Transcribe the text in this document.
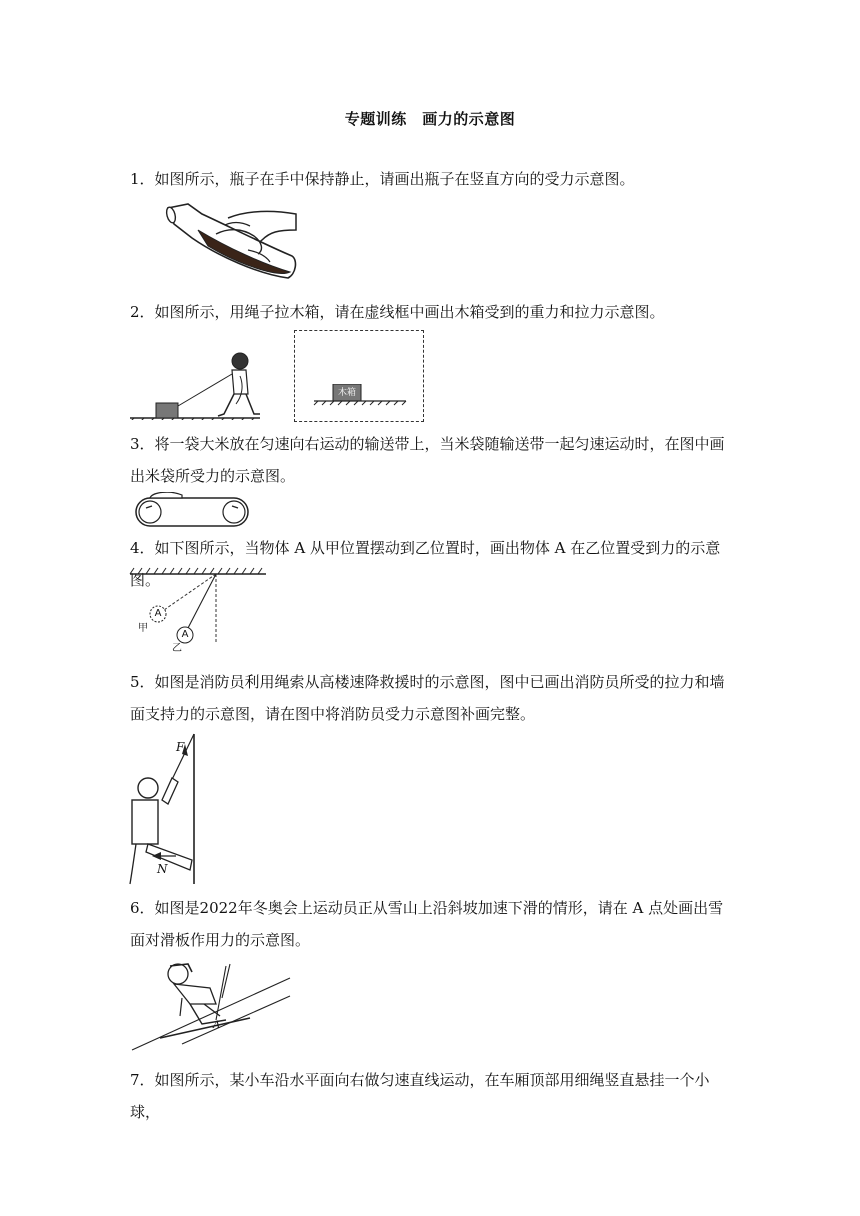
专题训练　画力的示意图
1．如图所示，瓶子在手中保持静止，请画出瓶子在竖直方向的受力示意图。
2．如图所示，用绳子拉木箱，请在虚线框中画出木箱受到的重力和拉力示意图。
木箱
3．将一袋大米放在匀速向右运动的输送带上，当米袋随输送带一起匀速运动时，在图中画出米袋所受力的示意图。
4．如下图所示，当物体 A 从甲位置摆动到乙位置时，画出物体 A 在乙位置受到力的示意图。
A
A
甲
乙
5．如图是消防员利用绳索从高楼速降救援时的示意图，图中已画出消防员所受的拉力和墙面支持力的示意图，请在图中将消防员受力示意图补画完整。
F
N
6．如图是2022年冬奥会上运动员正从雪山上沿斜坡加速下滑的情形，请在 A 点处画出雪面对滑板作用力的示意图。
A
7．如图所示，某小车沿水平面向右做匀速直线运动，在车厢顶部用细绳竖直悬挂一个小球，
